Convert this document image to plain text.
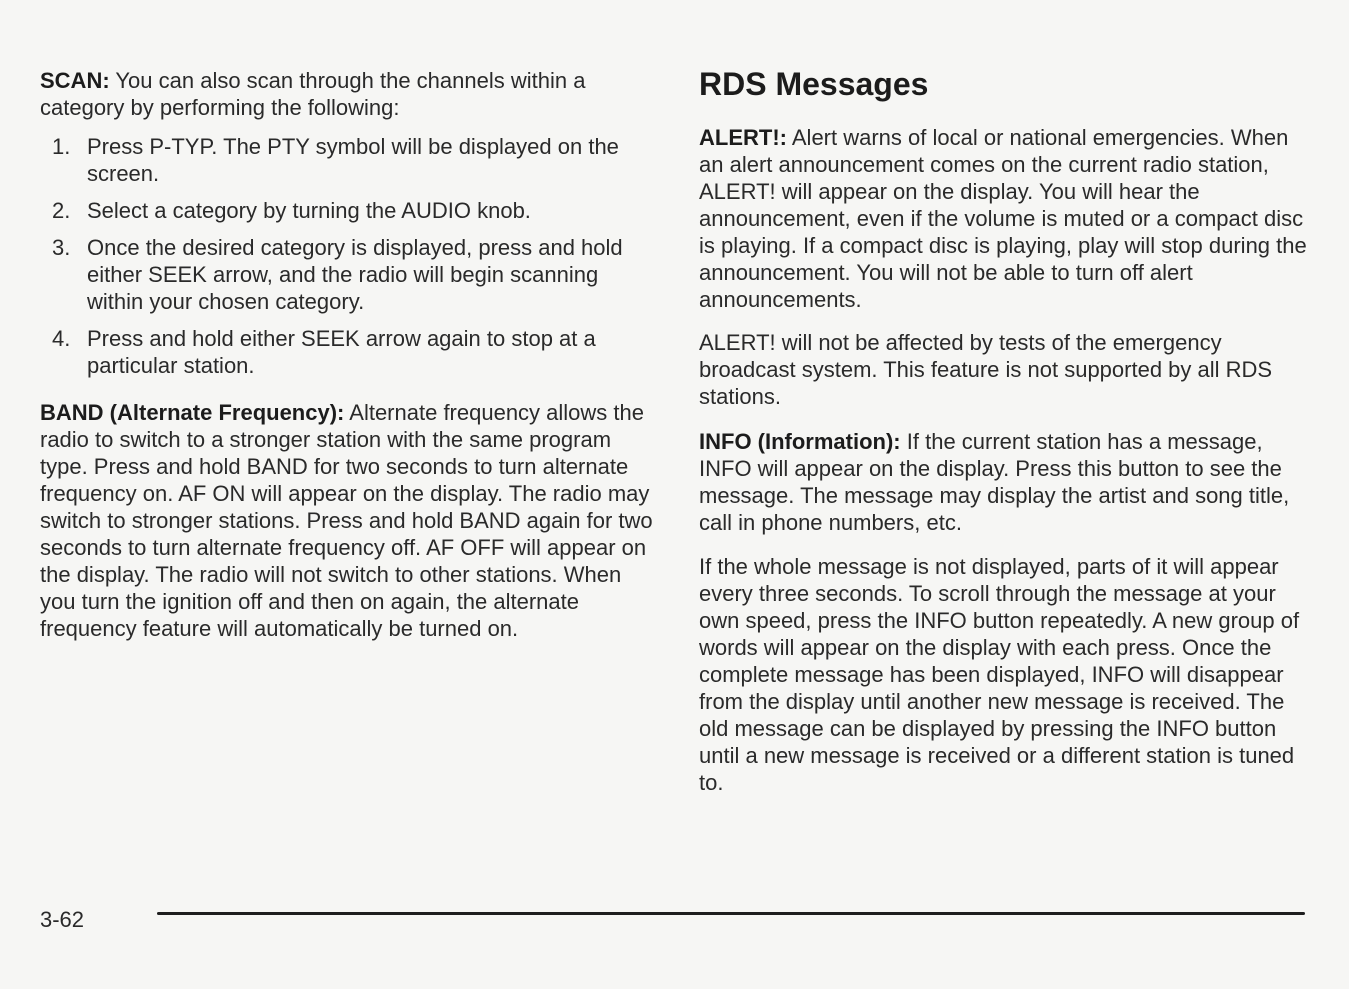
SCAN: You can also scan through the channels within a category by performing the following:

1. Press P-TYP. The PTY symbol will be displayed on the screen.
2. Select a category by turning the AUDIO knob.
3. Once the desired category is displayed, press and hold either SEEK arrow, and the radio will begin scanning within your chosen category.
4. Press and hold either SEEK arrow again to stop at a particular station.

BAND (Alternate Frequency): Alternate frequency allows the radio to switch to a stronger station with the same program type. Press and hold BAND for two seconds to turn alternate frequency on. AF ON will appear on the display. The radio may switch to stronger stations. Press and hold BAND again for two seconds to turn alternate frequency off. AF OFF will appear on the display. The radio will not switch to other stations. When you turn the ignition off and then on again, the alternate frequency feature will automatically be turned on.

RDS Messages

ALERT!: Alert warns of local or national emergencies. When an alert announcement comes on the current radio station, ALERT! will appear on the display. You will hear the announcement, even if the volume is muted or a compact disc is playing. If a compact disc is playing, play will stop during the announcement. You will not be able to turn off alert announcements.

ALERT! will not be affected by tests of the emergency broadcast system. This feature is not supported by all RDS stations.

INFO (Information): If the current station has a message, INFO will appear on the display. Press this button to see the message. The message may display the artist and song title, call in phone numbers, etc.

If the whole message is not displayed, parts of it will appear every three seconds. To scroll through the message at your own speed, press the INFO button repeatedly. A new group of words will appear on the display with each press. Once the complete message has been displayed, INFO will disappear from the display until another new message is received. The old message can be displayed by pressing the INFO button until a new message is received or a different station is tuned to.

3-62
